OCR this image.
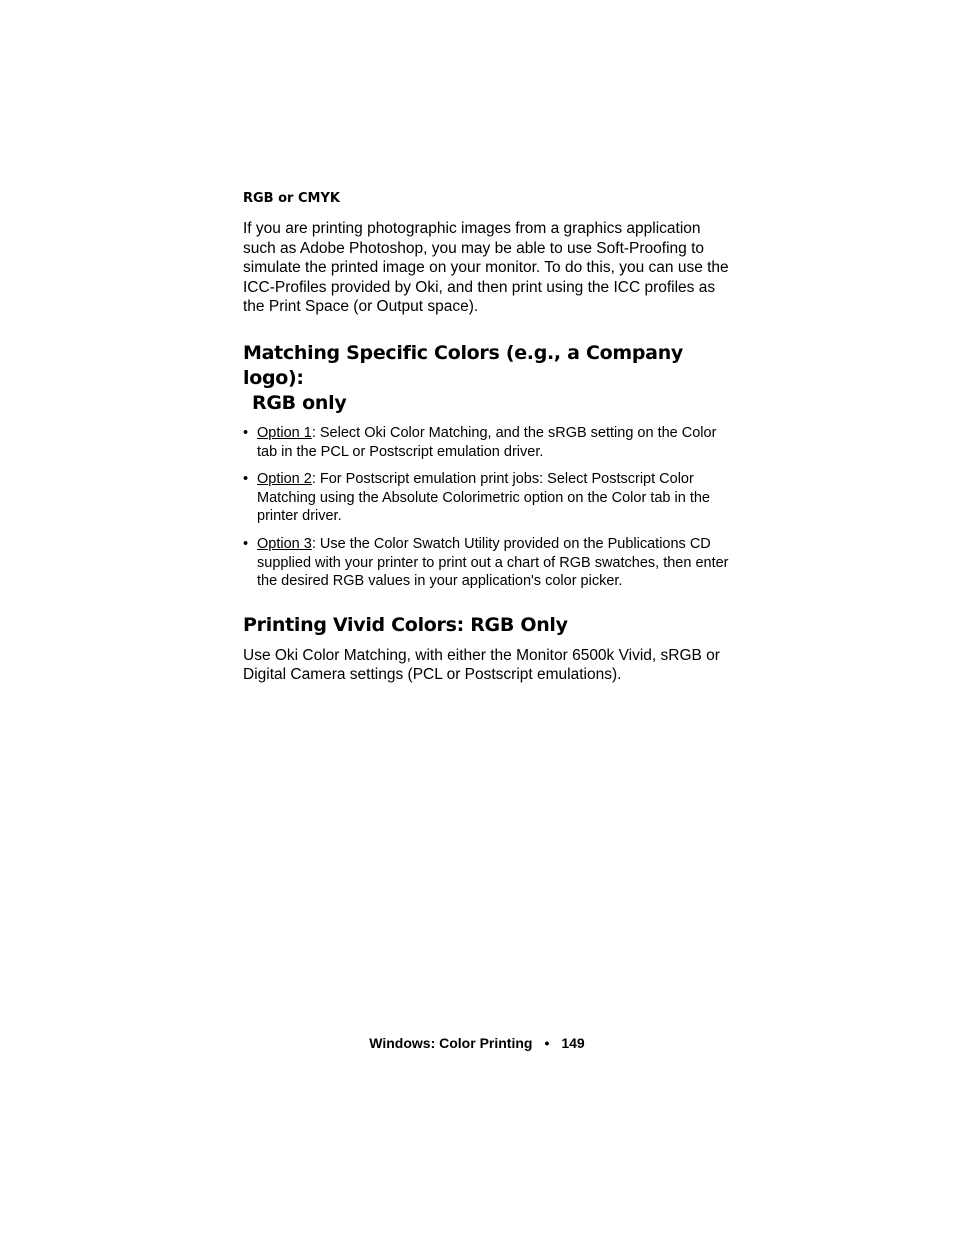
RGB or CMYK

If you are printing photographic images from a graphics application such as Adobe Photoshop, you may be able to use Soft-Proofing to simulate the printed image on your monitor. To do this, you can use the ICC-Profiles provided by Oki, and then print using the ICC profiles as the Print Space (or Output space).

Matching Specific Colors (e.g., a Company logo):
RGB only
• Option 1: Select Oki Color Matching, and the sRGB setting on the Color tab in the PCL or Postscript emulation driver.
• Option 2: For Postscript emulation print jobs: Select Postscript Color Matching using the Absolute Colorimetric option on the Color tab in the printer driver.
• Option 3: Use the Color Swatch Utility provided on the Publications CD supplied with your printer to print out a chart of RGB swatches, then enter the desired RGB values in your application's color picker.
Printing Vivid Colors: RGB Only

Use Oki Color Matching, with either the Monitor 6500k Vivid, sRGB or Digital Camera settings (PCL or Postscript emulations).

Windows: Color Printing • 149
